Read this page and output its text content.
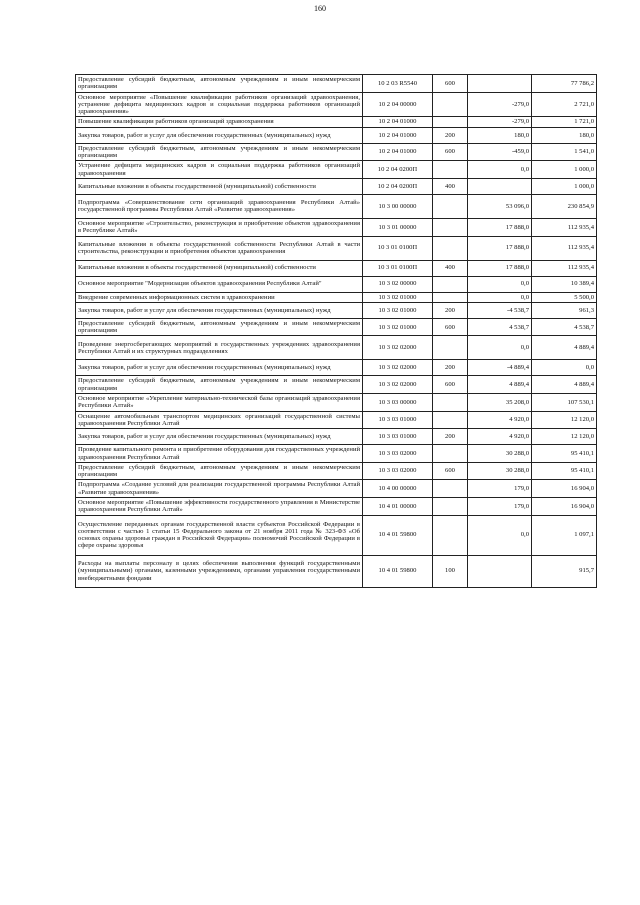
160
Предоставление субсидий бюджетным, автономным учреждениям и иным некоммерческим организациям	10 2 03 R5540	600		77 786,2
Основное мероприятие «Повышение квалификации работников организаций здравоохранения, устранение дефицита медицинских кадров и социальная поддержка работников организаций здравоохранения»	10 2 04 00000		-279,0	2 721,0
Повышение квалификации работников организаций здравоохранения	10 2 04 01000		-279,0	1 721,0
Закупка товаров, работ и услуг для обеспечения государственных (муниципальных) нужд	10 2 04 01000	200	180,0	180,0
Предоставление субсидий бюджетным, автономным учреждениям и иным некоммерческим организациям	10 2 04 01000	600	-459,0	1 541,0
Устранение дефицита медицинских кадров и социальная поддержка работников организаций здравоохранения	10 2 04 0200П		0,0	1 000,0
Капитальные вложения в объекты государственной (муниципальной) собственности	10 2 04 0200П	400		1 000,0
Подпрограмма «Совершенствование сети организаций здравоохранения Республики Алтай» государственной программы Республики Алтай «Развитие здравоохранения»	10 3 00 00000		53 096,0	230 854,9
Основное мероприятие «Строительство, реконструкция и приобретение объектов здравоохранения в Республике Алтай»	10 3 01 00000		17 888,0	112 935,4
Капитальные вложения в объекты государственной собственности Республики Алтай в части строительства, реконструкции и приобретения объектов здравоохранения	10 3 01 0100П		17 888,0	112 935,4
Капитальные вложения в объекты государственной (муниципальной) собственности	10 3 01 0100П	400	17 888,0	112 935,4
Основное мероприятие "Модернизация объектов здравоохранения Республики Алтай"	10 3 02 00000		0,0	10 389,4
Внедрение современных информационных систем в здравоохранении	10 3 02 01000		0,0	5 500,0
Закупка товаров, работ и услуг для обеспечения государственных (муниципальных) нужд	10 3 02 01000	200	-4 538,7	961,3
Предоставление субсидий бюджетным, автономным учреждениям и иным некоммерческим организациям	10 3 02 01000	600	4 538,7	4 538,7
Проведение энергосберегающих мероприятий в государственных учреждениях здравоохранения Республики Алтай и их структурных подразделениях	10 3 02 02000		0,0	4 889,4
Закупка товаров, работ и услуг для обеспечения государственных (муниципальных) нужд	10 3 02 02000	200	-4 889,4	0,0
Предоставление субсидий бюджетным, автономным учреждениям и иным некоммерческим организациям	10 3 02 02000	600	4 889,4	4 889,4
Основное мероприятие «Укрепление материально-технической базы организаций здравоохранения Республики Алтай»	10 3 03 00000		35 208,0	107 530,1
Оснащение автомобильным транспортом медицинских организаций государственной системы здравоохранения Республики Алтай	10 3 03 01000		4 920,0	12 120,0
Закупка товаров, работ и услуг для обеспечения государственных (муниципальных) нужд	10 3 03 01000	200	4 920,0	12 120,0
Проведение капитального ремонта и приобретение оборудования для государственных учреждений здравоохранения Республики Алтай	10 3 03 02000		30 288,0	95 410,1
Предоставление субсидий бюджетным, автономным учреждениям и иным некоммерческим организациям	10 3 03 02000	600	30 288,0	95 410,1
Подпрограмма «Создание условий для реализации государственной программы Республики Алтай «Развитие здравоохранения»	10 4 00 00000		179,0	16 904,0
Основное мероприятие «Повышение эффективности государственного управления в Министерстве здравоохранения Республики Алтай»	10 4 01 00000		179,0	16 904,0
Осуществление переданных органам государственной власти субъектов Российской Федерации в соответствии с частью 1 статьи 15 Федерального закона от 21 ноября 2011 года № 323-ФЗ «Об основах охраны здоровья граждан в Российской Федерации» полномочий Российской Федерации в сфере охраны здоровья	10 4 01 59800		0,0	1 097,1
Расходы на выплаты персоналу в целях обеспечения выполнения функций государственными (муниципальными) органами, казенными учреждениями, органами управления государственными внебюджетными фондами	10 4 01 59800	100		915,7
